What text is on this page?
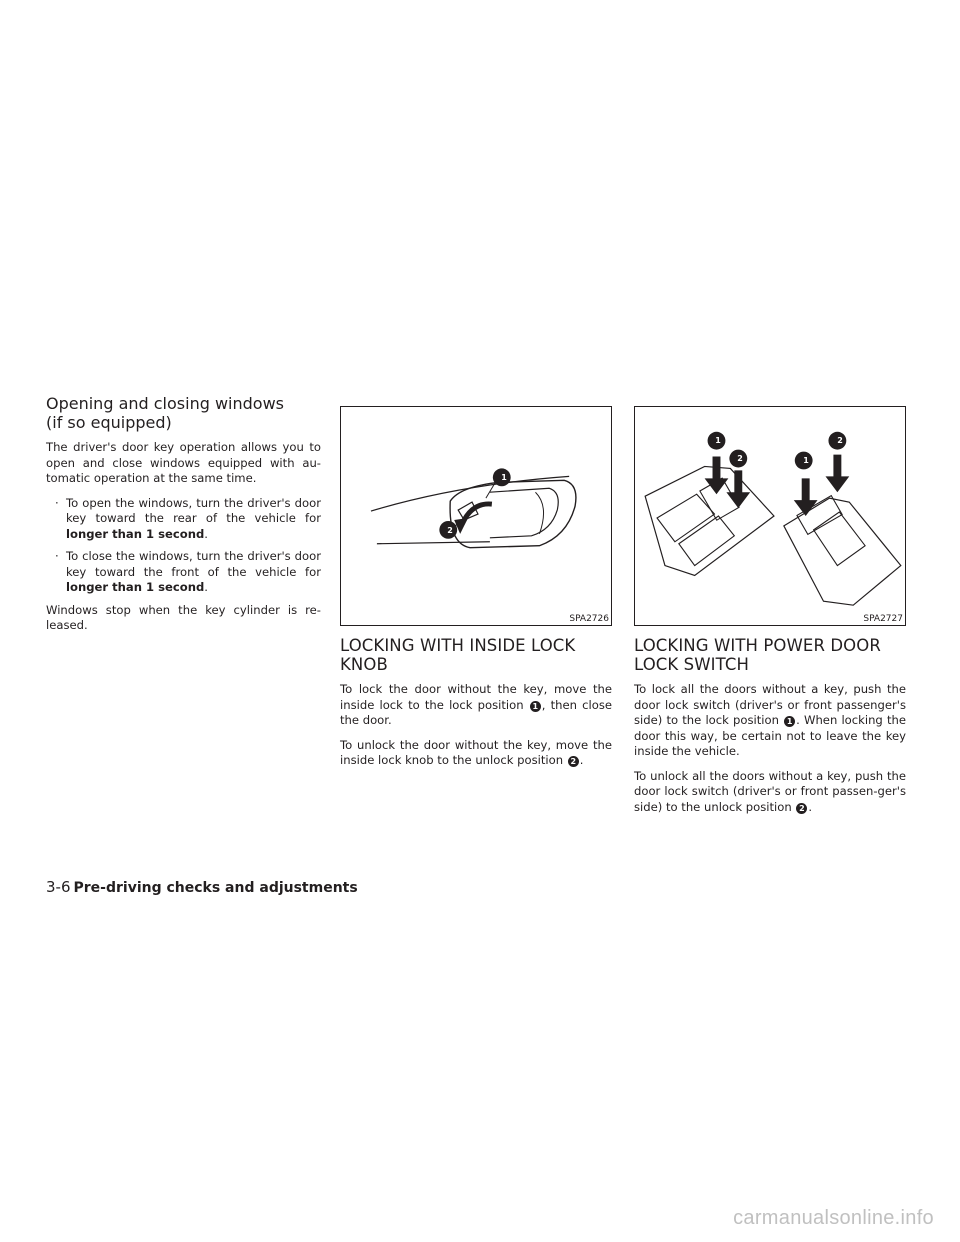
Opening and closing windows
(if so equipped)

The driver's door key operation allows you to open and close windows equipped with au-tomatic operation at the same time.

· To open the windows, turn the driver's door key toward the rear of the vehicle for longer than 1 second.
· To close the windows, turn the driver's door key toward the front of the vehicle for longer than 1 second.

Windows stop when the key cylinder is re-leased.

1
2
SPA2726
LOCKING WITH INSIDE LOCK
KNOB

To lock the door without the key, move the inside lock to the lock position 1 , then close the door.

To unlock the door without the key, move the inside lock knob to the unlock position 2 .

1
2	1
2
SPA2727
LOCKING WITH POWER DOOR
LOCK SWITCH

To lock all the doors without a key, push the door lock switch (driver's or front passenger's side) to the lock position 1 . When locking the door this way, be certain not to leave the key inside the vehicle.

To unlock all the doors without a key, push the door lock switch (driver's or front passen-ger's side) to the unlock position 2 .

3-6 Pre-driving checks and adjustments
carmanualsonline.info
